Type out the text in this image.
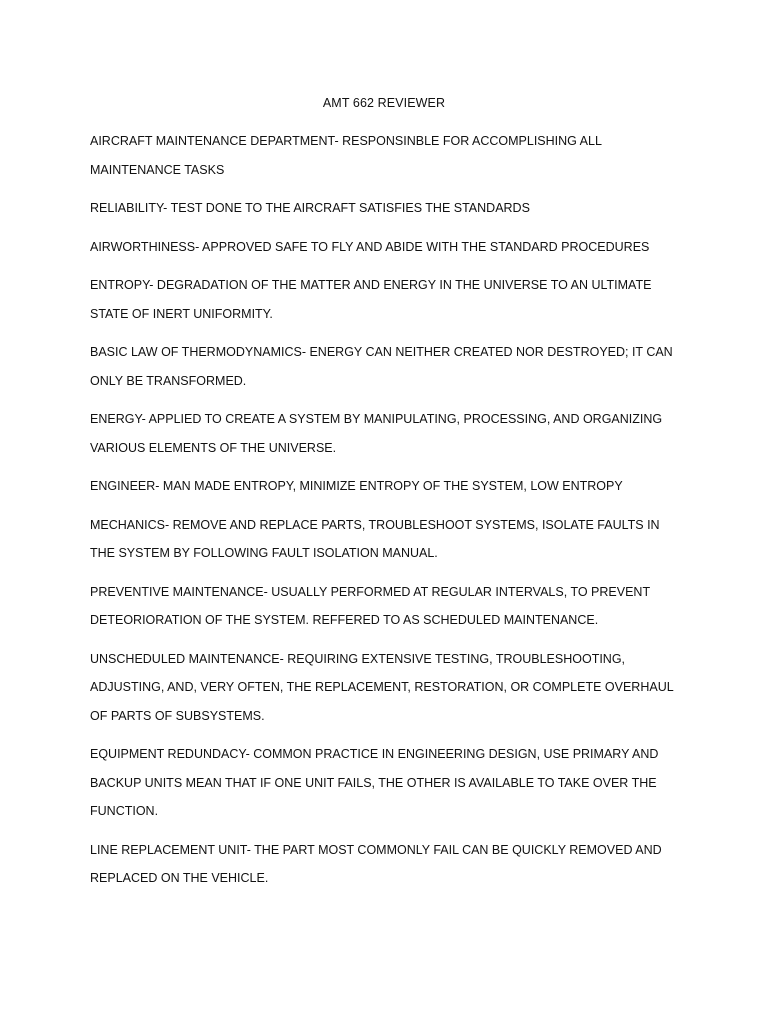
AMT 662 REVIEWER

AIRCRAFT MAINTENANCE DEPARTMENT- RESPONSINBLE FOR ACCOMPLISHING ALL MAINTENANCE TASKS

RELIABILITY- TEST DONE TO THE AIRCRAFT SATISFIES THE STANDARDS

AIRWORTHINESS- APPROVED SAFE TO FLY AND ABIDE WITH THE STANDARD PROCEDURES

ENTROPY- DEGRADATION OF THE MATTER AND ENERGY IN THE UNIVERSE TO AN ULTIMATE STATE OF INERT UNIFORMITY.

BASIC LAW OF THERMODYNAMICS- ENERGY CAN NEITHER CREATED NOR DESTROYED; IT CAN ONLY BE TRANSFORMED.

ENERGY- APPLIED TO CREATE A SYSTEM BY MANIPULATING, PROCESSING, AND ORGANIZING VARIOUS ELEMENTS OF THE UNIVERSE.

ENGINEER- MAN MADE ENTROPY, MINIMIZE ENTROPY OF THE SYSTEM, LOW ENTROPY

MECHANICS- REMOVE AND REPLACE PARTS, TROUBLESHOOT SYSTEMS, ISOLATE FAULTS IN THE SYSTEM BY FOLLOWING FAULT ISOLATION MANUAL.

PREVENTIVE MAINTENANCE- USUALLY PERFORMED AT REGULAR INTERVALS, TO PREVENT DETEORIORATION OF THE SYSTEM. REFFERED TO AS SCHEDULED MAINTENANCE.

UNSCHEDULED MAINTENANCE- REQUIRING EXTENSIVE TESTING, TROUBLESHOOTING, ADJUSTING, AND, VERY OFTEN, THE REPLACEMENT, RESTORATION, OR COMPLETE OVERHAUL OF PARTS OF SUBSYSTEMS.

EQUIPMENT REDUNDACY- COMMON PRACTICE IN ENGINEERING DESIGN, USE PRIMARY AND BACKUP UNITS MEAN THAT IF ONE UNIT FAILS, THE OTHER IS AVAILABLE TO TAKE OVER THE FUNCTION.

LINE REPLACEMENT UNIT- THE PART MOST COMMONLY FAIL CAN BE QUICKLY REMOVED AND REPLACED ON THE VEHICLE.
